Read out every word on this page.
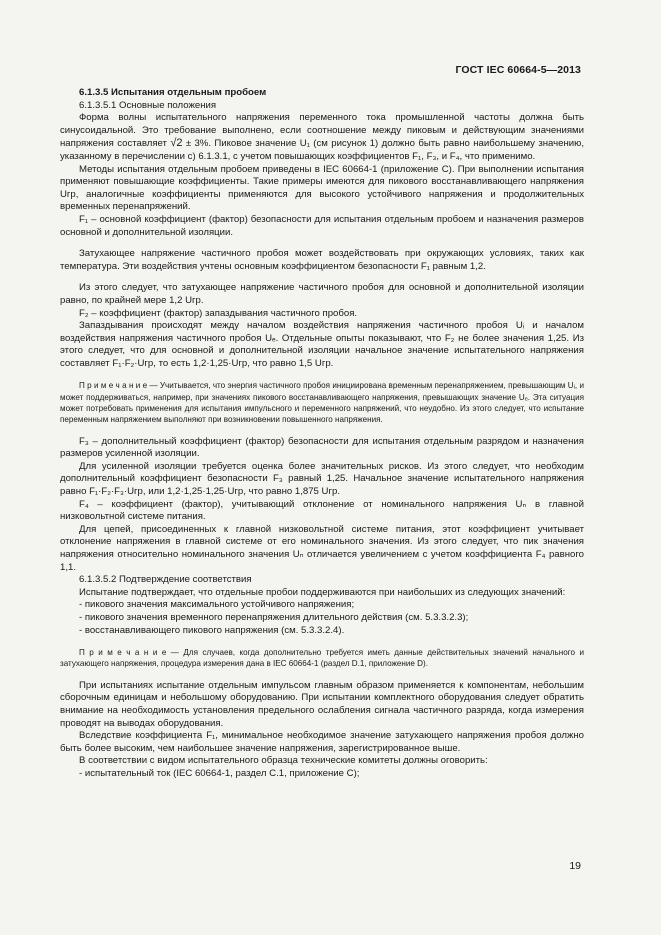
ГОСТ IEC 60664-5—2013

6.1.3.5 Испытания отдельным пробоем

6.1.3.5.1 Основные положения

Форма волны испытательного напряжения переменного тока промышленной частоты должна быть синусоидальной. Это требование выполнено, если соотношение между пиковым и действующим значениями напряжения составляет √2 ± 3%. Пиковое значение U₁ (см рисунок 1) должно быть равно наибольшему значению, указанному в перечислении с) 6.1.3.1, с учетом повышающих коэффициентов F₁, F₃, и F₄, что применимо.

Методы испытания отдельным пробоем приведены в IEC 60664-1 (приложение С). При выполнении испытания применяют повышающие коэффициенты. Такие примеры имеются для пикового восстанавливающего напряжения Uгр, аналогичные коэффициенты применяются для высокого устойчивого напряжения и продолжительных временных перенапряжений.

F₁ – основной коэффициент (фактор) безопасности для испытания отдельным пробоем и назначения размеров основной и дополнительной изоляции.

Затухающее напряжение частичного пробоя может воздействовать при окружающих условиях, таких как температура. Эти воздействия учтены основным коэффициентом безопасности F₁ равным 1,2.

Из этого следует, что затухающее напряжение частичного пробоя для основной и дополнительной изоляции равно, по крайней мере 1,2 Uгр.

F₂ – коэффициент (фактор) запаздывания частичного пробоя.

Запаздывания происходят между началом воздействия напряжения частичного пробоя Uᵢ и началом воздействия напряжения частичного пробоя Uₑ. Отдельные опыты показывают, что F₂ не более значения 1,25. Из этого следует, что для основной и дополнительной изоляции начальное значение испытательного напряжения составляет F₁·F₂·Uгр, то есть 1,2·1,25·Uгр, что равно 1,5 Uгр.

П р и м е ч а н и е — Учитывается, что энергия частичного пробоя инициирована временным перенапряжением, превышающим Uᵢ, и может поддерживаться, например, при значениях пикового восстанавливающего напряжения, превышающих значение Uₑ. Эта ситуация может потребовать применения для испытания импульсного и переменного напряжений, что неудобно. Из этого следует, что испытание переменным напряжением выполняют при возникновении повышенного напряжения.

F₃ – дополнительный коэффициент (фактор) безопасности для испытания отдельным разрядом и назначения размеров усиленной изоляции.

Для усиленной изоляции требуется оценка более значительных рисков. Из этого следует, что необходим дополнительный коэффициент безопасности F₃ равный 1,25. Начальное значение испытательного напряжения равно F₁·F₂·F₃·Uгр, или 1,2·1,25·1,25·Uгр, что равно 1,875 Uгр.

F₄ – коэффициент (фактор), учитывающий отклонение от номинального напряжения Uₙ в главной низковольтной системе питания.

Для цепей, присоединенных к главной низковольтной системе питания, этот коэффициент учитывает отклонение напряжения в главной системе от его номинального значения. Из этого следует, что пик значения напряжения относительно номинального значения Uₙ отличается увеличением с учетом коэффициента F₄ равного 1,1.

6.1.3.5.2 Подтверждение соответствия

Испытание подтверждает, что отдельные пробои поддерживаются при наибольших из следующих значений:

- пикового значения максимального устойчивого напряжения;

- пикового значения временного перенапряжения длительного действия (см. 5.3.3.2.3);

- восстанавливающего пикового напряжения (см. 5.3.3.2.4).

П р и м е ч а н и е — Для случаев, когда дополнительно требуется иметь данные действительных значений начального и затухающего напряжения, процедура измерения дана в IEC 60664-1 (раздел D.1, приложение D).

При испытаниях испытание отдельным импульсом главным образом применяется к компонентам, небольшим сборочным единицам и небольшому оборудованию. При испытании комплектного оборудования следует обратить внимание на необходимость установления предельного ослабления сигнала частичного разряда, когда измерения проводят на выводах оборудования.

Вследствие коэффициента F₁, минимальное необходимое значение затухающего напряжения пробоя должно быть более высоким, чем наибольшее значение напряжения, зарегистрированное выше.

В соответствии с видом испытательного образца технические комитеты должны оговорить:

- испытательный ток (IEC 60664-1, раздел С.1, приложение С);

19
